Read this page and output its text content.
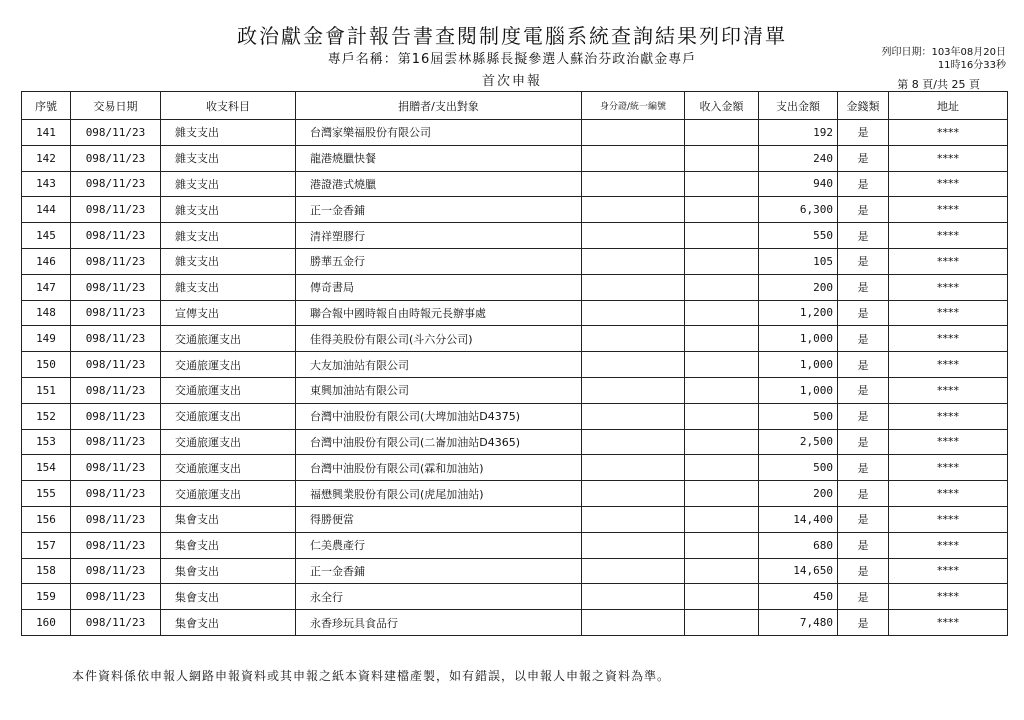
政治獻金會計報告書查閱制度電腦系統查詢結果列印清單
專戶名稱：第16屆雲林縣縣長擬參選人蘇治芬政治獻金專戶
首次申報
列印日期：103年08月20日
11時16分33秒
第 8 頁/共 25 頁
序號	交易日期	收支科目	捐贈者/支出對象	身分證/統一編號	收入金額	支出金額	金錢類	地址
141	098/11/23	雜支支出	台灣家樂福股份有限公司			192	是	****
142	098/11/23	雜支支出	龍港燒臘快餐			240	是	****
143	098/11/23	雜支支出	港證港式燒臘			940	是	****
144	098/11/23	雜支支出	正一金香鋪			6,300	是	****
145	098/11/23	雜支支出	清祥塑膠行			550	是	****
146	098/11/23	雜支支出	勝華五金行			105	是	****
147	098/11/23	雜支支出	傳奇書局			200	是	****
148	098/11/23	宣傳支出	聯合報中國時報自由時報元長辦事處			1,200	是	****
149	098/11/23	交通旅運支出	佳得美股份有限公司(斗六分公司)			1,000	是	****
150	098/11/23	交通旅運支出	大友加油站有限公司			1,000	是	****
151	098/11/23	交通旅運支出	東興加油站有限公司			1,000	是	****
152	098/11/23	交通旅運支出	台灣中油股份有限公司(大埤加油站D4375)			500	是	****
153	098/11/23	交通旅運支出	台灣中油股份有限公司(二崙加油站D4365)			2,500	是	****
154	098/11/23	交通旅運支出	台灣中油股份有限公司(霖和加油站)			500	是	****
155	098/11/23	交通旅運支出	福懋興業股份有限公司(虎尾加油站)			200	是	****
156	098/11/23	集會支出	得勝便當			14,400	是	****
157	098/11/23	集會支出	仁美農產行			680	是	****
158	098/11/23	集會支出	正一金香鋪			14,650	是	****
159	098/11/23	集會支出	永全行			450	是	****
160	098/11/23	集會支出	永香珍玩具食品行			7,480	是	****
本件資料係依申報人網路申報資料或其申報之紙本資料建檔產製，如有錯誤，以申報人申報之資料為準。
